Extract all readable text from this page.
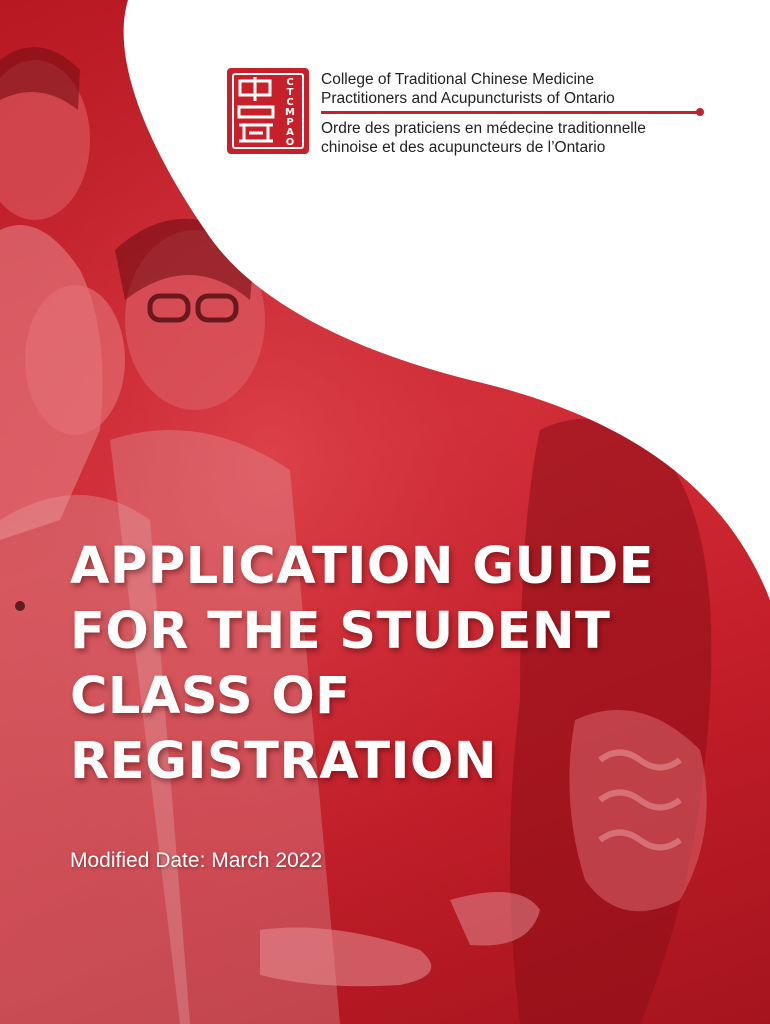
C
T
C
M
P
A
O
College of Traditional Chinese Medicine
Practitioners and Acupuncturists of Ontario
Ordre des praticiens en médecine traditionnelle
chinoise et des acupuncteurs de l’Ontario
APPLICATION GUIDE
FOR THE STUDENT
CLASS OF
REGISTRATION
Modified Date: March 2022
